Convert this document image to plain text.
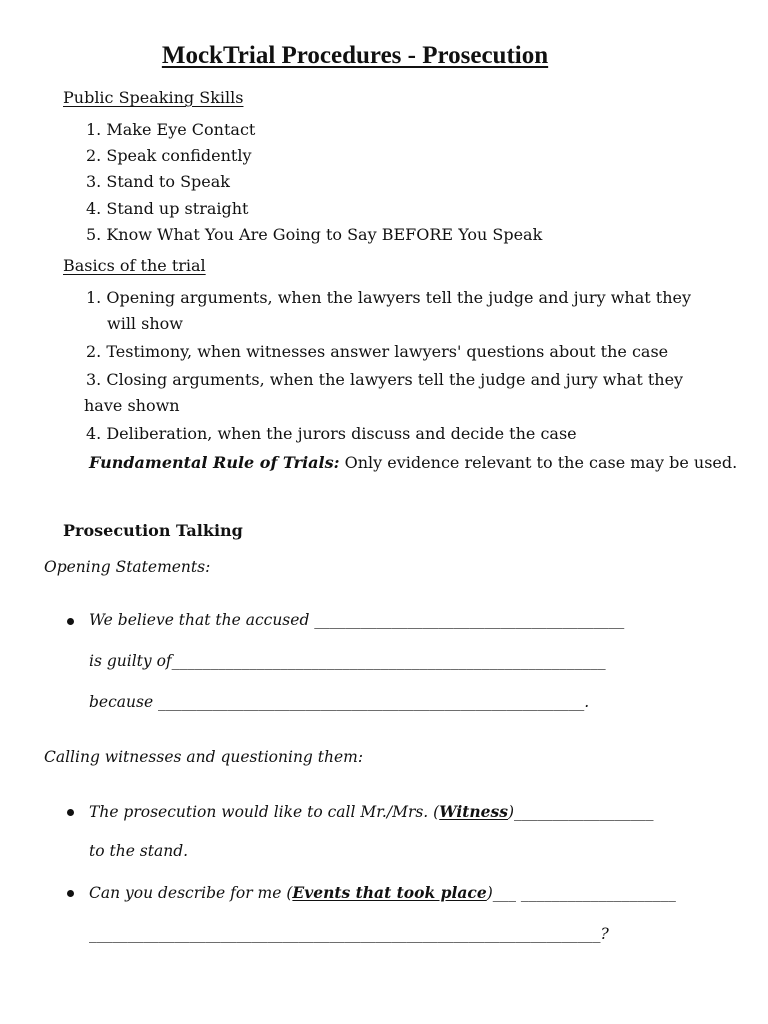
MockTrial Procedures - Prosecution

Public Speaking Skills

1. Make Eye Contact
2. Speak confidently
3. Stand to Speak
4. Stand up straight
5. Know What You Are Going to Say BEFORE You Speak

Basics of the trial

1. Opening arguments, when the lawyers tell the judge and jury what they
will show
2. Testimony, when witnesses answer lawyers' questions about the case
3. Closing arguments, when the lawyers tell the judge and jury what they
have shown
4. Deliberation, when the jurors discuss and decide the case

Fundamental Rule of Trials: Only evidence relevant to the case may be used.

Prosecution Talking

Opening Statements:

We believe that the accused ________________________________________

is guilty of________________________________________________________

because _______________________________________________________.

Calling witnesses and questioning them:

The prosecution would like to call Mr./Mrs. (Witness)__________________

to the stand.

Can you describe for me (Events that took place)___ ____________________

__________________________________________________________________?
